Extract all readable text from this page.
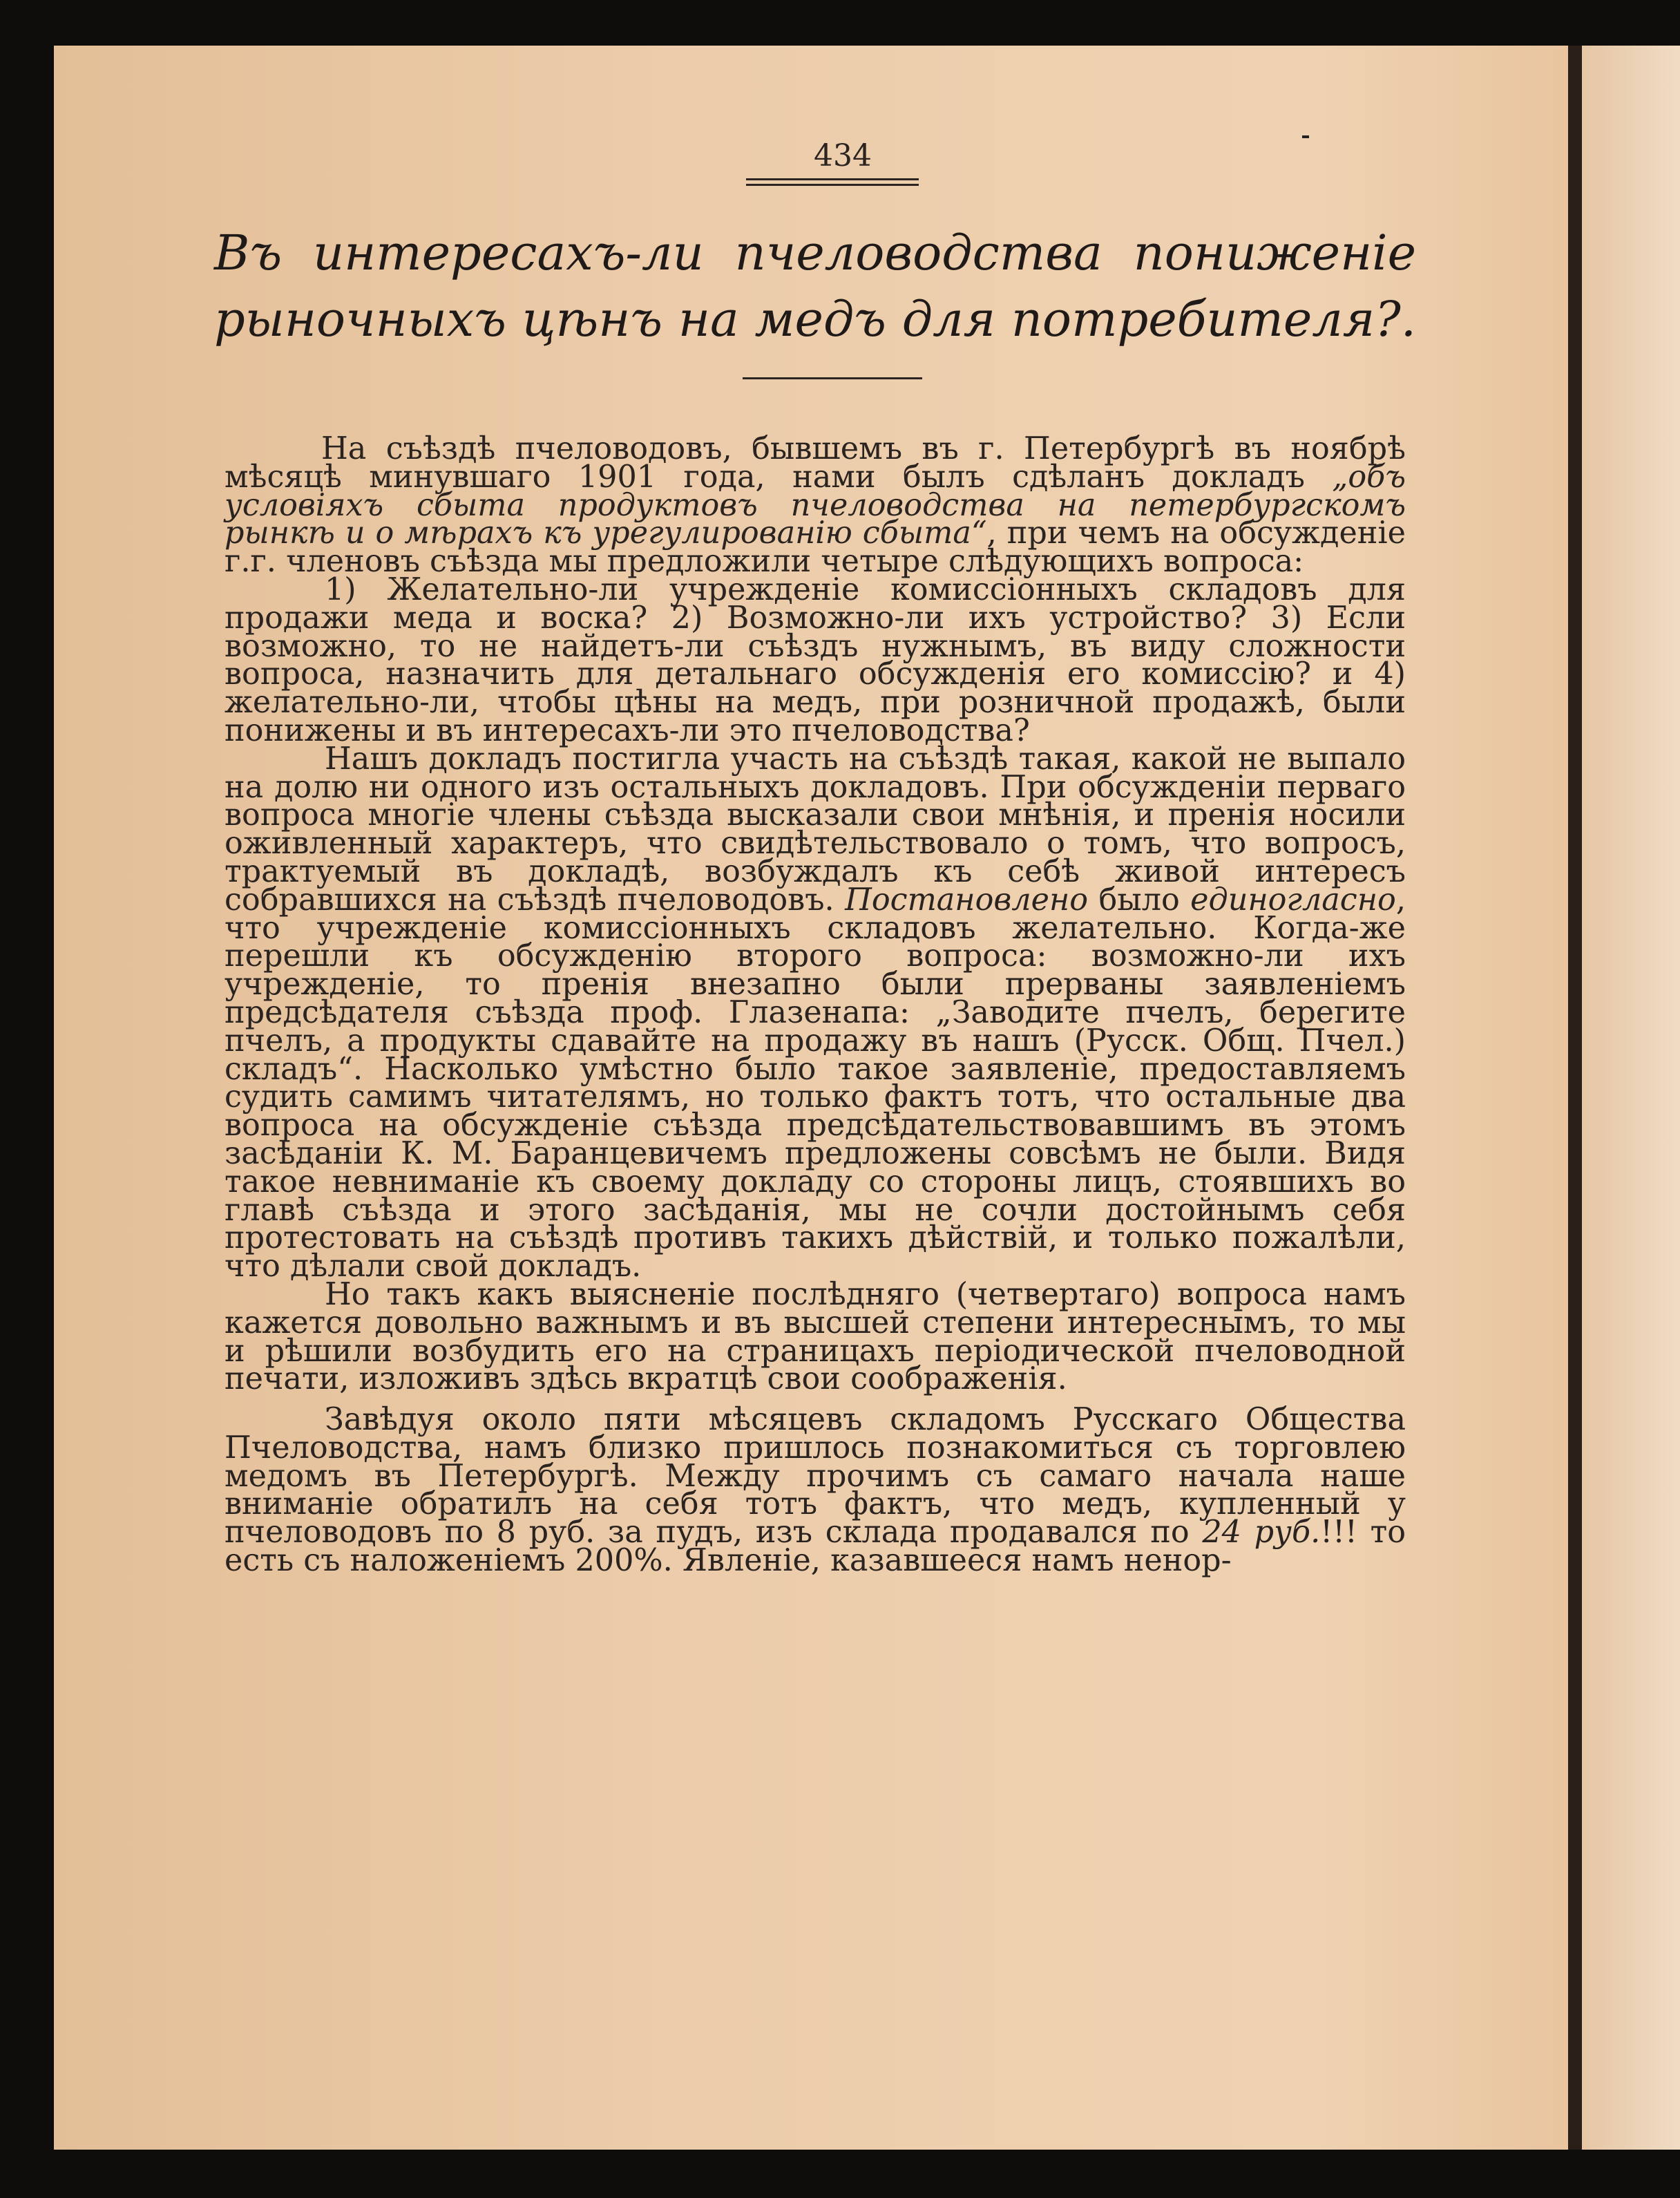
434
Въ интересахъ-ли пчеловодства пониженіе рыночныхъ цѣнъ на медъ для потребителя?.

На съѣздѣ пчеловодовъ, бывшемъ въ г. Петербургѣ въ ноябрѣ мѣсяцѣ минувшаго 1901 года, нами былъ сдѣланъ докладъ „объ условіяхъ сбыта продуктовъ пчеловодства на петербургскомъ рынкѣ и о мѣрахъ къ урегулированію сбыта“, при чемъ на обсужденіе г.г. членовъ съѣзда мы предложили четыре слѣдующихъ вопроса:

1) Желательно-ли учрежденіе комиссіонныхъ складовъ для продажи меда и воска? 2) Возможно-ли ихъ устройство? 3) Если возможно, то не найдетъ-ли съѣздъ нужнымъ, въ виду сложности вопроса, назначить для детальнаго обсужденія его комиссію? и 4) желательно-ли, чтобы цѣны на медъ, при розничной продажѣ, были понижены и въ интересахъ-ли это пчеловодства?

Нашъ докладъ постигла участь на съѣздѣ такая, какой не выпало на долю ни одного изъ остальныхъ докладовъ. При обсужденіи перваго вопроса многіе члены съѣзда высказали свои мнѣнія, и пренія носили оживленный характеръ, что свидѣтельствовало о томъ, что вопросъ, трактуемый въ докладѣ, возбуждалъ къ себѣ живой интересъ собравшихся на съѣздѣ пчеловодовъ. Постановлено было единогласно, что учрежденіе комиссіонныхъ складовъ желательно. Когда-же перешли къ обсужденію второго вопроса: возможно-ли ихъ учрежденіе, то пренія внезапно были прерваны заявленіемъ предсѣдателя съѣзда проф. Глазенапа: „Заводите пчелъ, берегите пчелъ, а продукты сдавайте на продажу въ нашъ (Русск. Общ. Пчел.) складъ“. Насколько умѣстно было такое заявленіе, предоставляемъ судить самимъ читателямъ, но только фактъ тотъ, что остальные два вопроса на обсужденіе съѣзда предсѣдательствовавшимъ въ этомъ засѣданіи К. М. Баранцевичемъ предложены совсѣмъ не были. Видя такое невниманіе къ своему докладу со стороны лицъ, стоявшихъ во главѣ съѣзда и этого засѣданія, мы не сочли достойнымъ себя протестовать на съѣздѣ противъ такихъ дѣйствій, и только пожалѣли, что дѣлали свой докладъ.

Но такъ какъ выясненіе послѣдняго (четвертаго) вопроса намъ кажется довольно важнымъ и въ высшей степени интереснымъ, то мы и рѣшили возбудить его на страницахъ періодической пчеловодной печати, изложивъ здѣсь вкратцѣ свои соображенія.

Завѣдуя около пяти мѣсяцевъ складомъ Русскаго Общества Пчеловодства, намъ близко пришлось познакомиться съ торговлею медомъ въ Петербургѣ. Между прочимъ съ самаго начала наше вниманіе обратилъ на себя тотъ фактъ, что медъ, купленный у пчеловодовъ по 8 руб. за пудъ, изъ склада продавался по 24 руб.!!! то есть съ наложеніемъ 200%. Явленіе, казавшееся намъ ненор-
